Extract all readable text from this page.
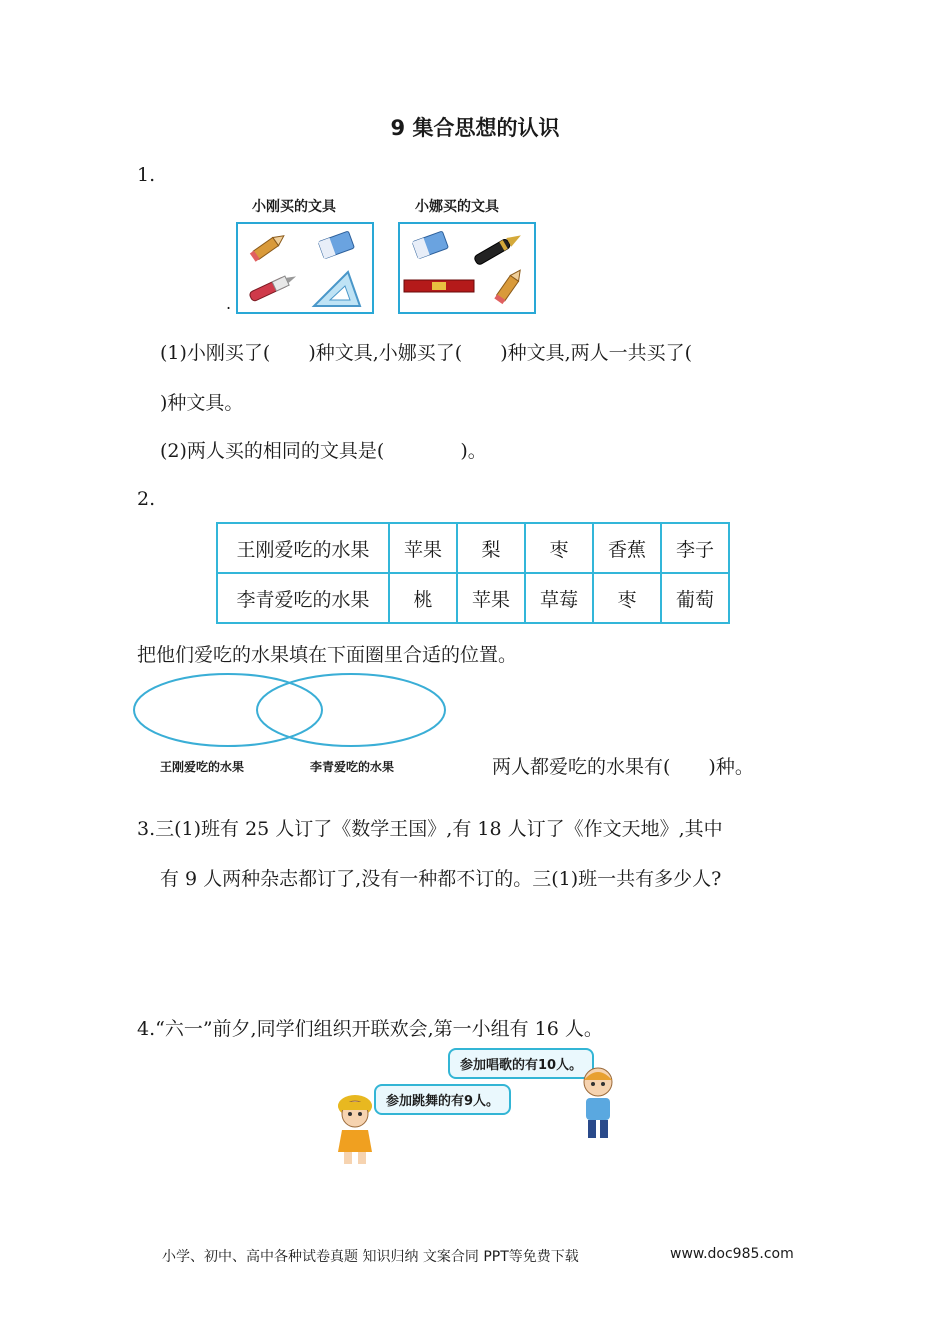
9 集合思想的认识
1.
小刚买的文具	小娜买的文具
.
(1)小刚买了(　　)种文具,小娜买了(　　)种文具,两人一共买了(
)种文具。
(2)两人买的相同的文具是(　　　　)。
2.
王刚爱吃的水果	苹果	梨	枣	香蕉	李子
李青爱吃的水果	桃	苹果	草莓	枣	葡萄
把他们爱吃的水果填在下面圈里合适的位置。
王刚爱吃的水果	李青爱吃的水果	两人都爱吃的水果有(　　)种。
3.三(1)班有 25 人订了《数学王国》,有 18 人订了《作文天地》,其中
有 9 人两种杂志都订了,没有一种都不订的。三(1)班一共有多少人?
4.“六一”前夕,同学们组织开联欢会,第一小组有 16 人。
参加唱歌的有10人。
参加跳舞的有9人。
小学、初中、高中各种试卷真题 知识归纳 文案合同 PPT等免费下载	www.doc985.com
